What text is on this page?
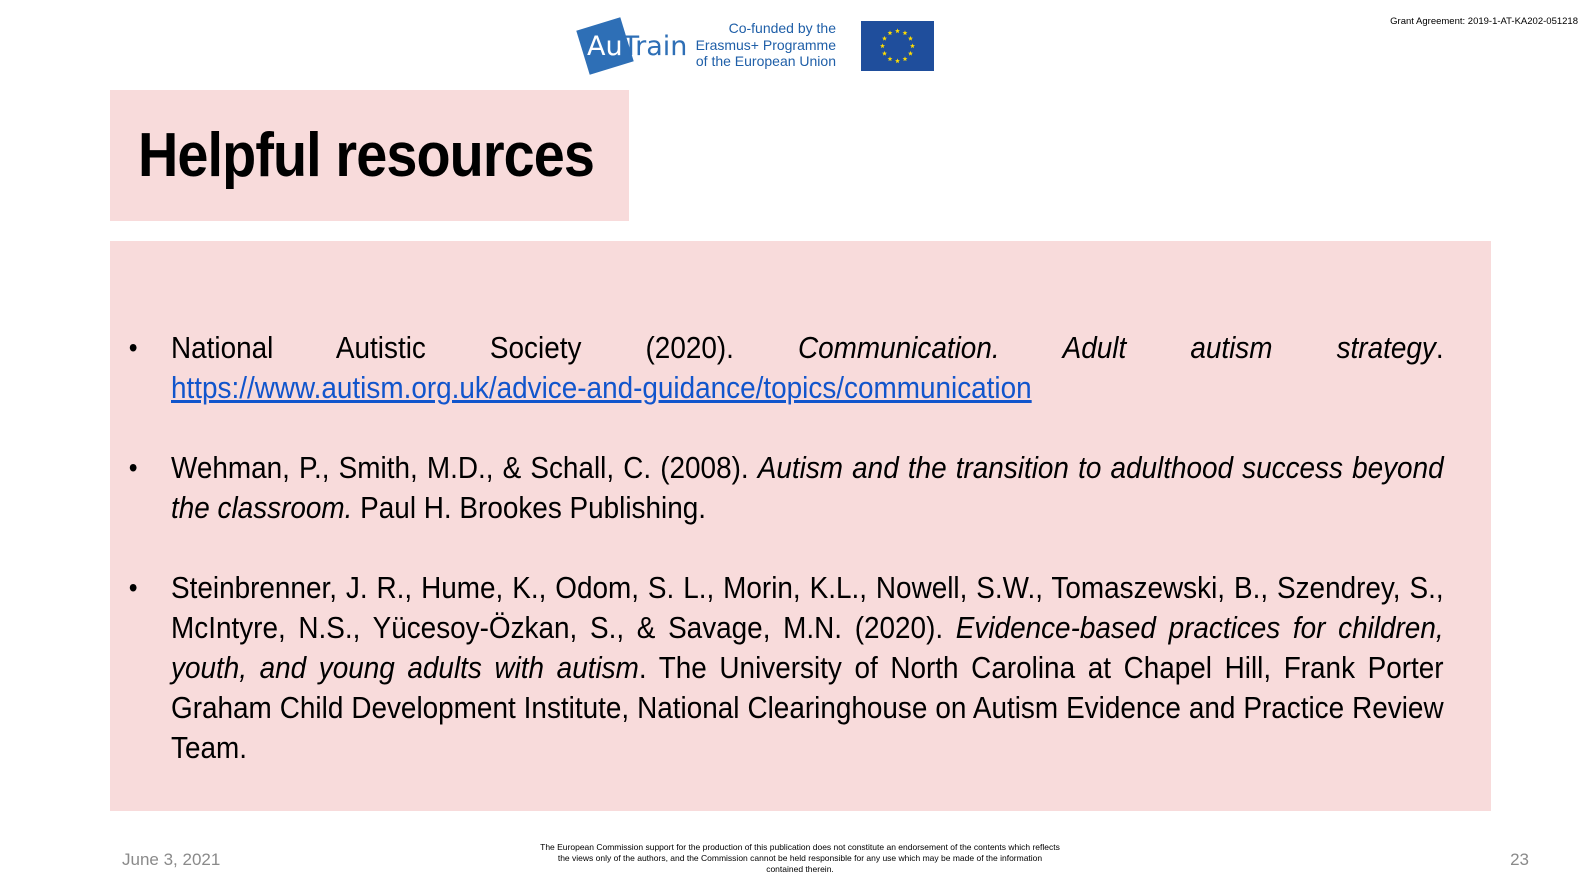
AuTrain
Co-funded by the
Erasmus+ Programme
of the European Union
Grant Agreement: 2019-1-AT-KA202-051218
Helpful resources
• National Autistic Society (2020). Communication. Adult autism strategy. https://www.autism.org.uk/advice-and-guidance/topics/communication
• Wehman, P., Smith, M.D., & Schall, C. (2008). Autism and the transition to adulthood success beyond the classroom. Paul H. Brookes Publishing.
• Steinbrenner, J. R., Hume, K., Odom, S. L., Morin, K.L., Nowell, S.W., Tomaszewski, B., Szendrey, S., McIntyre, N.S., Yücesoy-Özkan, S., & Savage, M.N. (2020). Evidence-based practices for children, youth, and young adults with autism. The University of North Carolina at Chapel Hill, Frank Porter Graham Child Development Institute, National Clearinghouse on Autism Evidence and Practice Review Team.
June 3, 2021
The European Commission support for the production of this publication does not constitute an endorsement of the contents which reflects the views only of the authors, and the Commission cannot be held responsible for any use which may be made of the information contained therein.	23
